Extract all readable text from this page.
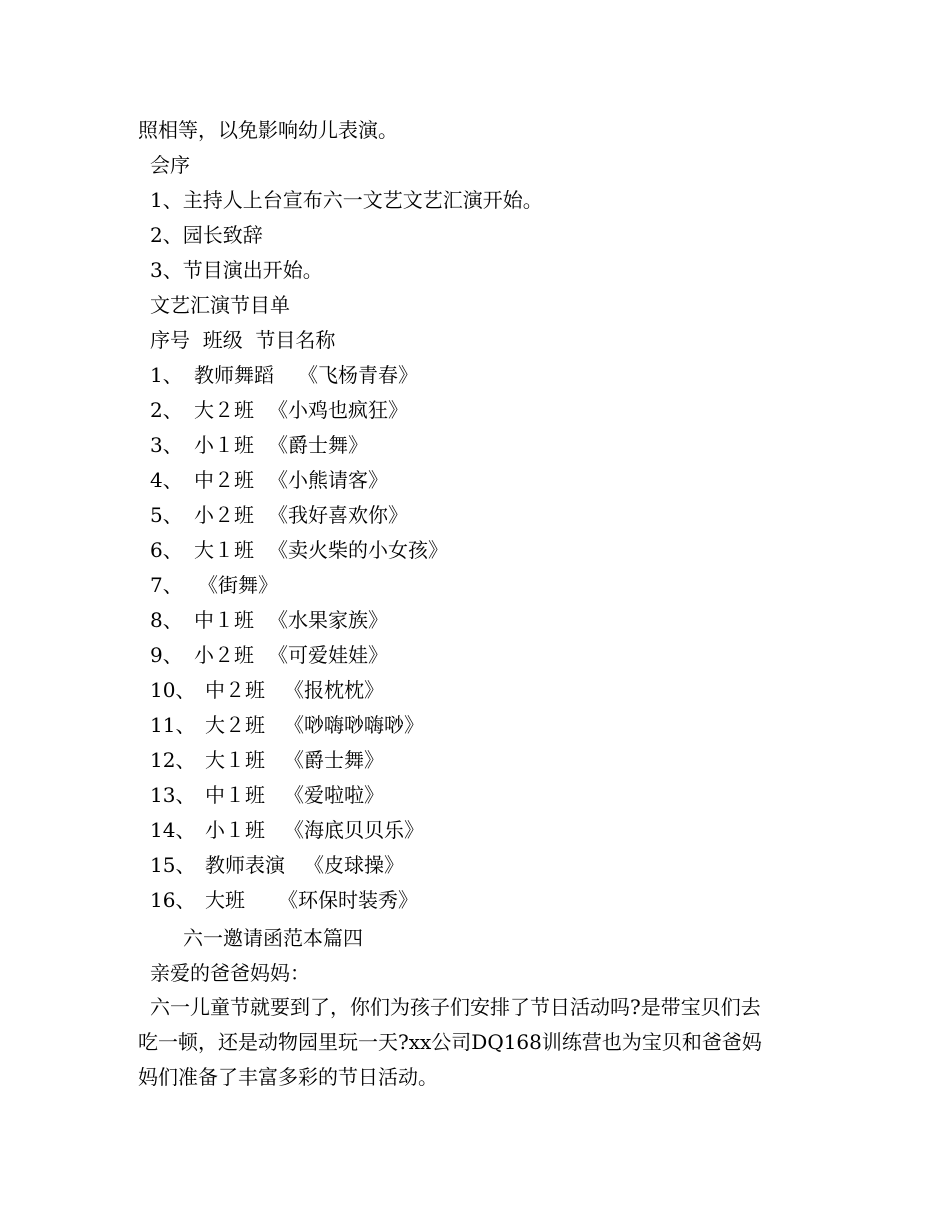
照相等，以免影响幼儿表演。
会序
1、主持人上台宣布六一文艺文艺汇演开始。
2、园长致辞
3、节目演出开始。
文艺汇演节目单
序号  班级  节目名称
1、 教师舞蹈 《飞杨青春》
2、 大２班 《小鸡也疯狂》
3、 小１班 《爵士舞》
4、 中２班 《小熊请客》
5、 小２班 《我好喜欢你》
6、 大１班 《卖火柴的小女孩》
7、 《街舞》
8、 中１班 《水果家族》
9、 小２班 《可爱娃娃》
10、 中２班 《报枕枕》
11、 大２班 《唦嗨唦嗨唦》
12、 大１班 《爵士舞》
13、 中１班 《爱啦啦》
14、 小１班 《海底贝贝乐》
15、 教师表演 《皮球操》
16、 大班 《环保时装秀》
六一邀请函范本篇四
亲爱的爸爸妈妈：
六一儿童节就要到了，你们为孩子们安排了节日活动吗?是带宝贝们去
吃一顿，还是动物园里玩一天?xx公司DQ168训练营也为宝贝和爸爸妈
妈们准备了丰富多彩的节日活动。
